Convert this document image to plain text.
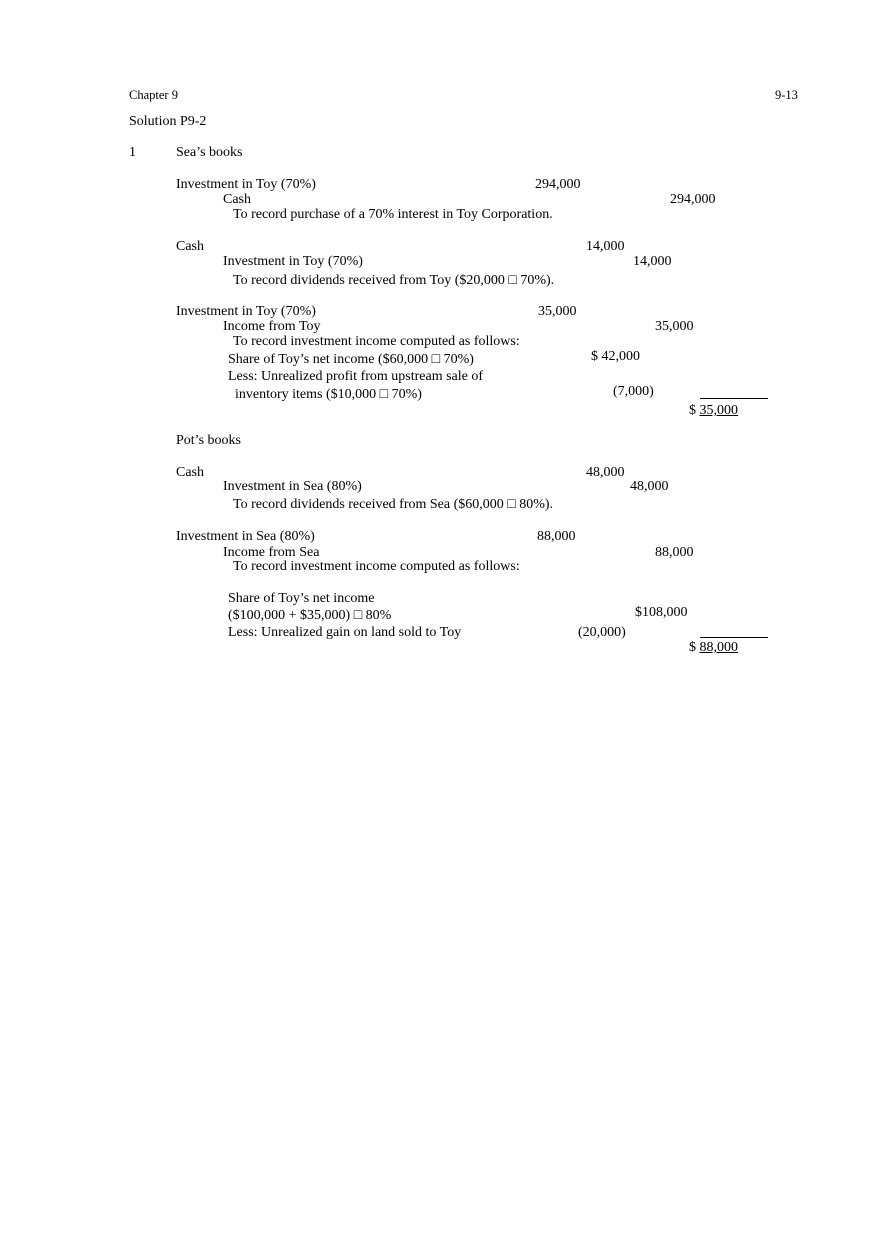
Chapter 9	9-13
Solution P9-2
1	Sea’s books
Investment in Toy (70%)	294,000
Cash	294,000
To record purchase of a 70% interest in Toy Corporation.
Cash	14,000
Investment in Toy (70%)	14,000
To record dividends received from Toy ($20,000 □ 70%).
Investment in Toy (70%)	35,000
Income from Toy	35,000
To record investment income computed as follows:
Share of Toy’s net income ($60,000 □ 70%)	$ 42,000
Less: Unrealized profit from upstream sale of
inventory items ($10,000 □ 70%)	(7,000)
$ 35,000
Pot’s books
Cash	48,000
Investment in Sea (80%)	48,000
To record dividends received from Sea ($60,000 □ 80%).
Investment in Sea (80%)	88,000
Income from Sea	88,000
To record investment income computed as follows:
Share of Toy’s net income
($100,000 + $35,000) □ 80%	$108,000
Less: Unrealized gain on land sold to Toy	(20,000)
$ 88,000
